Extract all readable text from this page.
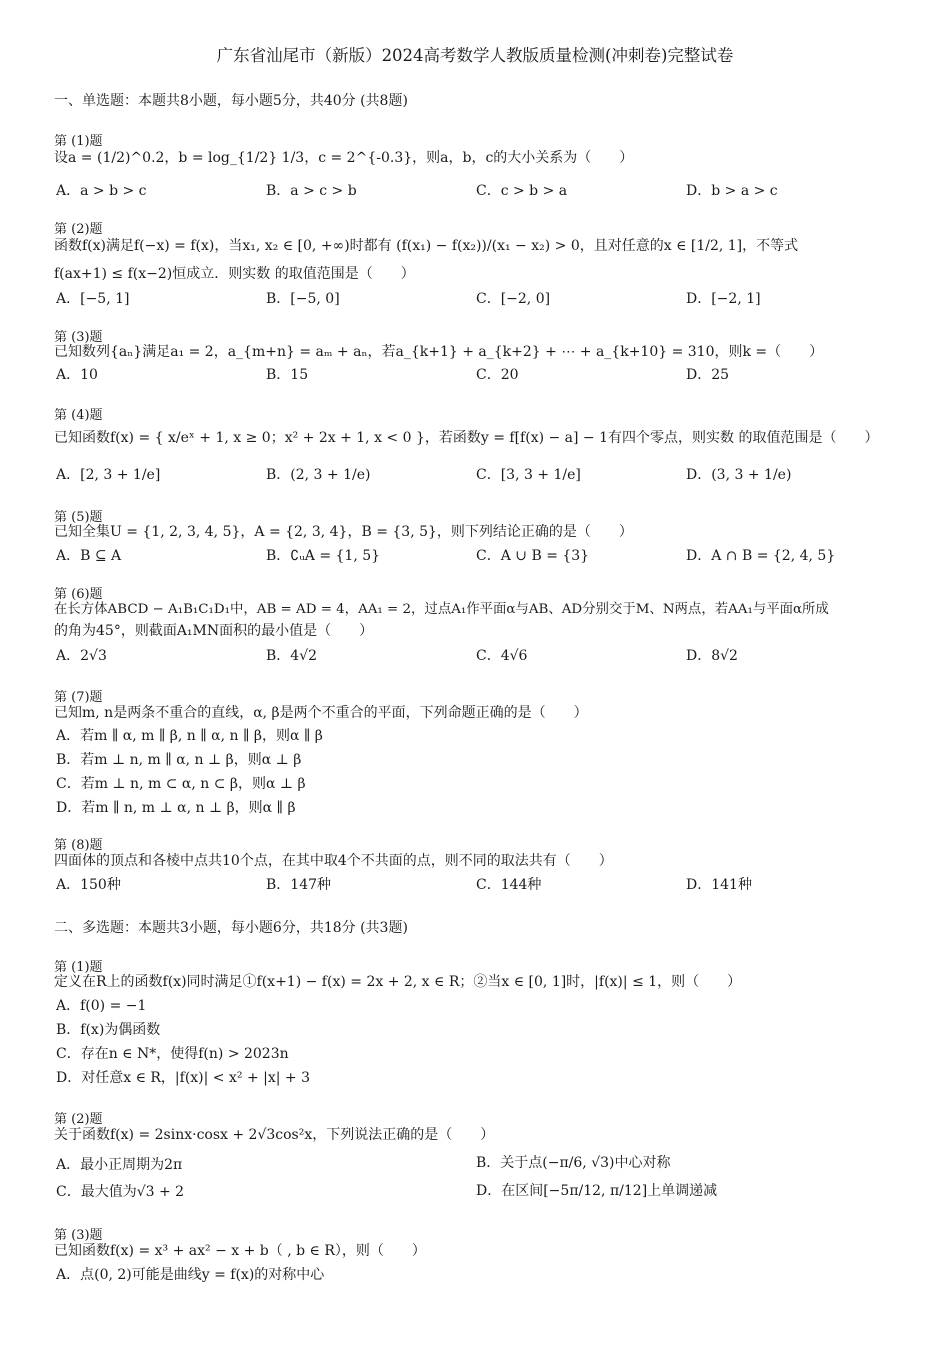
广东省汕尾市（新版）2024高考数学人教版质量检测(冲刺卷)完整试卷
一、单选题：本题共8小题，每小题5分，共40分 (共8题)
第 (1)题
设a = (1/2)^0.2，b = log_{1/2} 1/3，c = 2^{-0.3}，则a，b，c的大小关系为（　　）
A．a > b > c	B．a > c > b	C．c > b > a	D．b > a > c
第 (2)题
函数f(x)满足f(−x) = f(x)，当x₁, x₂ ∈ [0, +∞)时都有 (f(x₁) − f(x₂))/(x₁ − x₂) > 0，且对任意的x ∈ [1/2, 1]，不等式
f(ax+1) ≤ f(x−2)恒成立．则实数 的取值范围是（　　）
A．[−5, 1]	B．[−5, 0]	C．[−2, 0]	D．[−2, 1]
第 (3)题
已知数列{aₙ}满足a₁ = 2，a_{m+n} = aₘ + aₙ，若a_{k+1} + a_{k+2} + ⋯ + a_{k+10} = 310，则k =（　　）
A．10	B．15	C．20	D．25
第 (4)题
已知函数f(x) = { x/eˣ + 1, x ≥ 0；x² + 2x + 1, x < 0 }，若函数y = f[f(x) − a] − 1有四个零点，则实数 的取值范围是（　　）
A．[2, 3 + 1/e]	B．(2, 3 + 1/e)	C．[3, 3 + 1/e]	D．(3, 3 + 1/e)
第 (5)题
已知全集U = {1, 2, 3, 4, 5}，A = {2, 3, 4}，B = {3, 5}，则下列结论正确的是（　　）
A．B ⊆ A	B．∁ᵤA = {1, 5}	C．A ∪ B = {3}	D．A ∩ B = {2, 4, 5}
第 (6)题
在长方体ABCD − A₁B₁C₁D₁中，AB = AD = 4，AA₁ = 2，过点A₁作平面α与AB、AD分别交于M、N两点，若AA₁与平面α所成
的角为45°，则截面A₁MN面积的最小值是（　　）
A．2√3	B．4√2	C．4√6	D．8√2
第 (7)题
已知m, n是两条不重合的直线，α, β是两个不重合的平面，下列命题正确的是（　　）
A．若m ∥ α, m ∥ β, n ∥ α, n ∥ β，则α ∥ β
B．若m ⊥ n, m ∥ α, n ⊥ β，则α ⊥ β
C．若m ⊥ n, m ⊂ α, n ⊂ β，则α ⊥ β
D．若m ∥ n, m ⊥ α, n ⊥ β，则α ∥ β
第 (8)题
四面体的顶点和各棱中点共10个点，在其中取4个不共面的点，则不同的取法共有（　　）
A．150种	B．147种	C．144种	D．141种
二、多选题：本题共3小题，每小题6分，共18分 (共3题)
第 (1)题
定义在R上的函数f(x)同时满足①f(x+1) − f(x) = 2x + 2, x ∈ R；②当x ∈ [0, 1]时，|f(x)| ≤ 1，则（　　）
A．f(0) = −1
B．f(x)为偶函数
C．存在n ∈ N*，使得f(n) > 2023n
D．对任意x ∈ R，|f(x)| < x² + |x| + 3
第 (2)题
关于函数f(x) = 2sinx·cosx + 2√3cos²x，下列说法正确的是（　　）
A．最小正周期为2π	B．关于点(−π/6, √3)中心对称
C．最大值为√3 + 2	D．在区间[−5π/12, π/12]上单调递减
第 (3)题
已知函数f(x) = x³ + ax² − x + b（ , b ∈ R），则（　　）
A．点(0, 2)可能是曲线y = f(x)的对称中心
